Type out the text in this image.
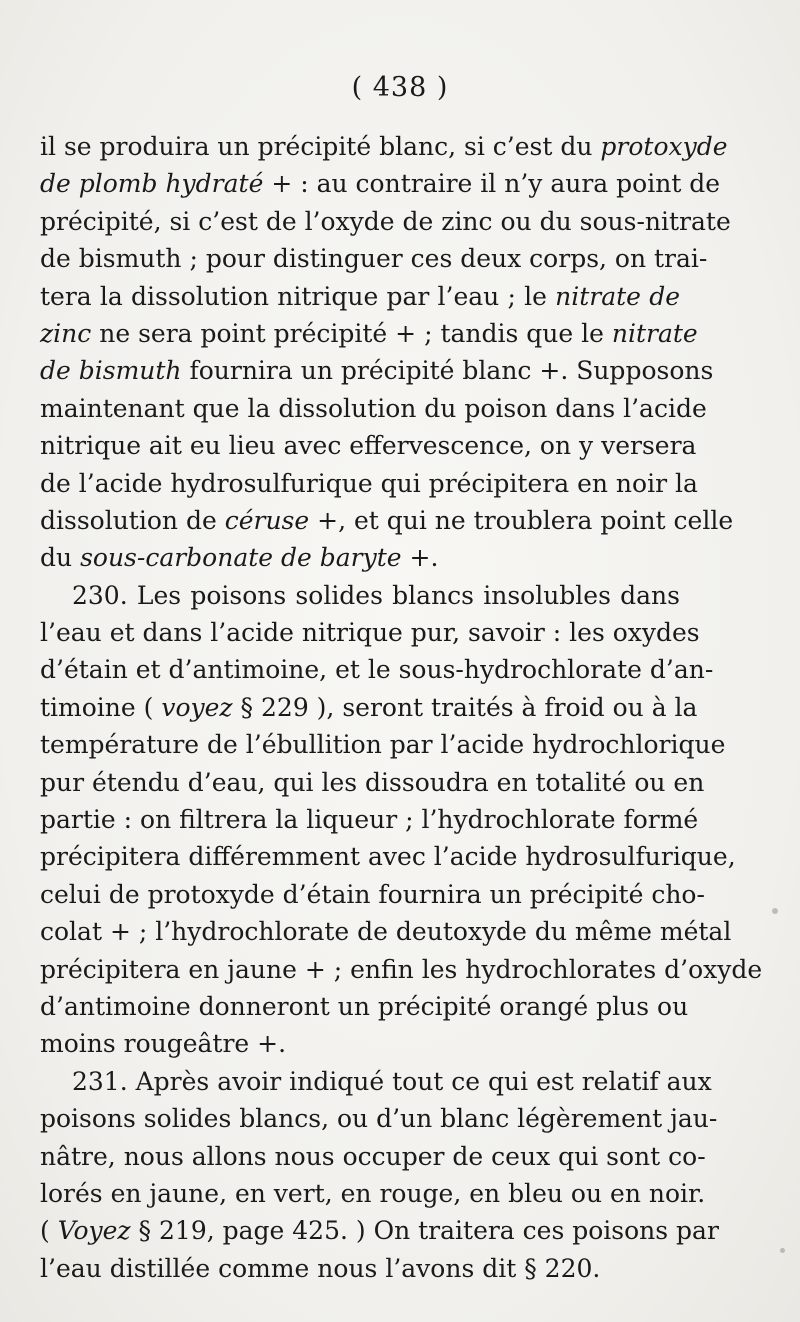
( 438 )
il se produira un précipité blanc, si c’est du protoxyde
de plomb hydraté + : au contraire il n’y aura point de
précipité, si c’est de l’oxyde de zinc ou du sous-nitrate
de bismuth ; pour distinguer ces deux corps, on trai-
tera la dissolution nitrique par l’eau ; le nitrate de
zinc ne sera point précipité + ; tandis que le nitrate
de bismuth fournira un précipité blanc +. Supposons
maintenant que la dissolution du poison dans l’acide
nitrique ait eu lieu avec effervescence, on y versera
de l’acide hydrosulfurique qui précipitera en noir la
dissolution de céruse +, et qui ne troublera point celle
du sous-carbonate de baryte +.
230. Les poisons solides blancs insolubles dans
l’eau et dans l’acide nitrique pur, savoir : les oxydes
d’étain et d’antimoine, et le sous-hydrochlorate d’an-
timoine ( voyez § 229 ), seront traités à froid ou à la
température de l’ébullition par l’acide hydrochlorique
pur étendu d’eau, qui les dissoudra en totalité ou en
partie : on filtrera la liqueur ; l’hydrochlorate formé
précipitera différemment avec l’acide hydrosulfurique,
celui de protoxyde d’étain fournira un précipité cho-
colat + ; l’hydrochlorate de deutoxyde du même métal
précipitera en jaune + ; enfin les hydrochlorates d’oxyde
d’antimoine donneront un précipité orangé plus ou
moins rougeâtre +.
231. Après avoir indiqué tout ce qui est relatif aux
poisons solides blancs, ou d’un blanc légèrement jau-
nâtre, nous allons nous occuper de ceux qui sont co-
lorés en jaune, en vert, en rouge, en bleu ou en noir.
( Voyez § 219, page 425. ) On traitera ces poisons par
l’eau distillée comme nous l’avons dit § 220.
